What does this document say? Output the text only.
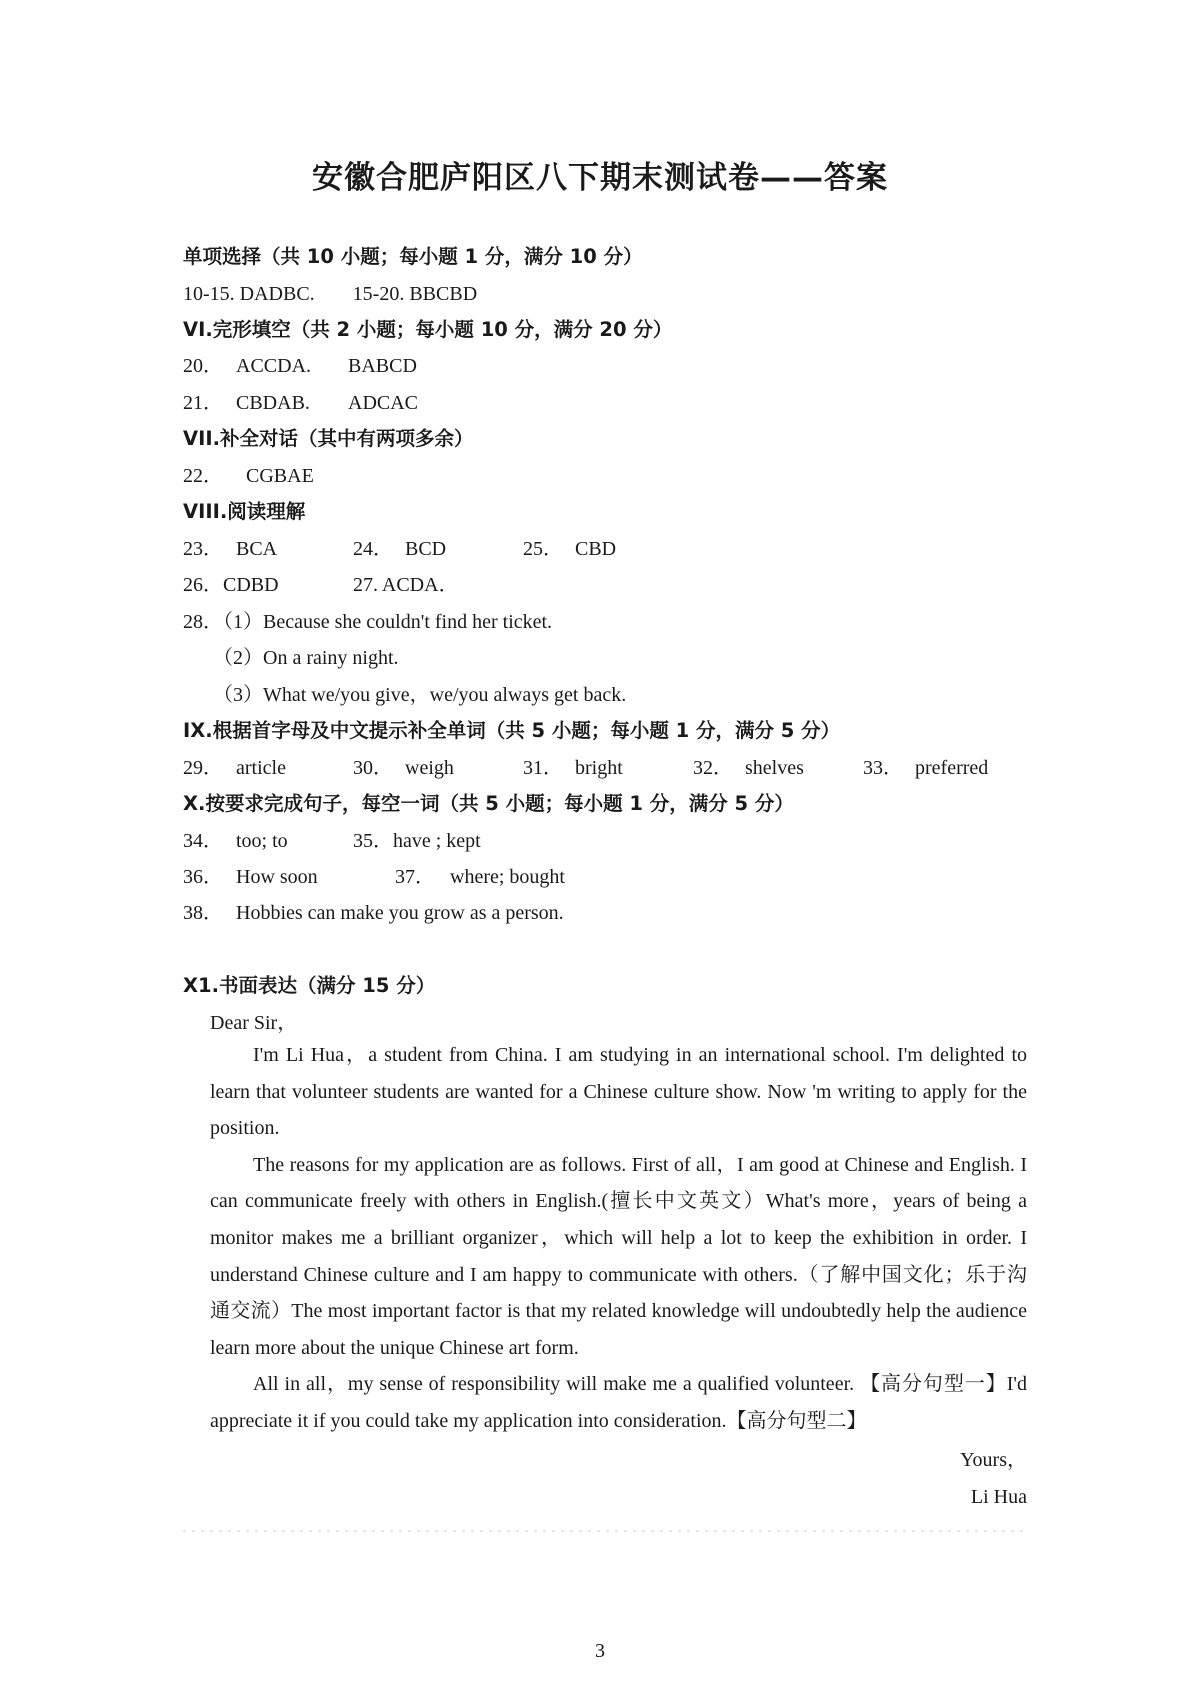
安徽合肥庐阳区八下期末测试卷——答案
单项选择（共 10 小题；每小题 1 分，满分 10 分）
10-15. DADBC. 15-20. BBCBD
VI.完形填空（共 2 小题；每小题 10 分，满分 20 分）
20． ACCDA. BABCD
21． CBDAB. ADCAC
VII.补全对话（其中有两项多余）
22． CGBAE
VIII.阅读理解
23． BCA	24． BCD	25． CBD
26．CDBD	27. ACDA．
28．（1）Because she couldn't find her ticket.
（2）On a rainy night.
（3）What we/you give，we/you always get back.
IX.根据首字母及中文提示补全单词（共 5 小题；每小题 1 分，满分 5 分）
29． article	30． weigh	31． bright	32． shelves	33． preferred
X.按要求完成句子，每空一词（共 5 小题；每小题 1 分，满分 5 分）
34． too; to	35．have ; kept
36． How soon	37． where; bought
38． Hobbies can make you grow as a person.
X1.书面表达（满分 15 分）
Dear Sir，

I'm Li Hua，a student from China. I am studying in an international school. I'm delighted to learn that volunteer students are wanted for a Chinese culture show. Now 'm writing to apply for the position.

The reasons for my application are as follows. First of all，I am good at Chinese and English. I can communicate freely with others in English.(擅长中文英文）What's more，years of being a monitor makes me a brilliant organizer，which will help a lot to keep the exhibition in order. I understand Chinese culture and I am happy to communicate with others.（了解中国文化；乐于沟通交流）The most important factor is that my related knowledge will undoubtedly help the audience learn more about the unique Chinese art form.

All in all，my sense of responsibility will make me a qualified volunteer. 【高分句型一】I'd appreciate it if you could take my application into consideration.【高分句型二】

Yours，
Li Hua
3
